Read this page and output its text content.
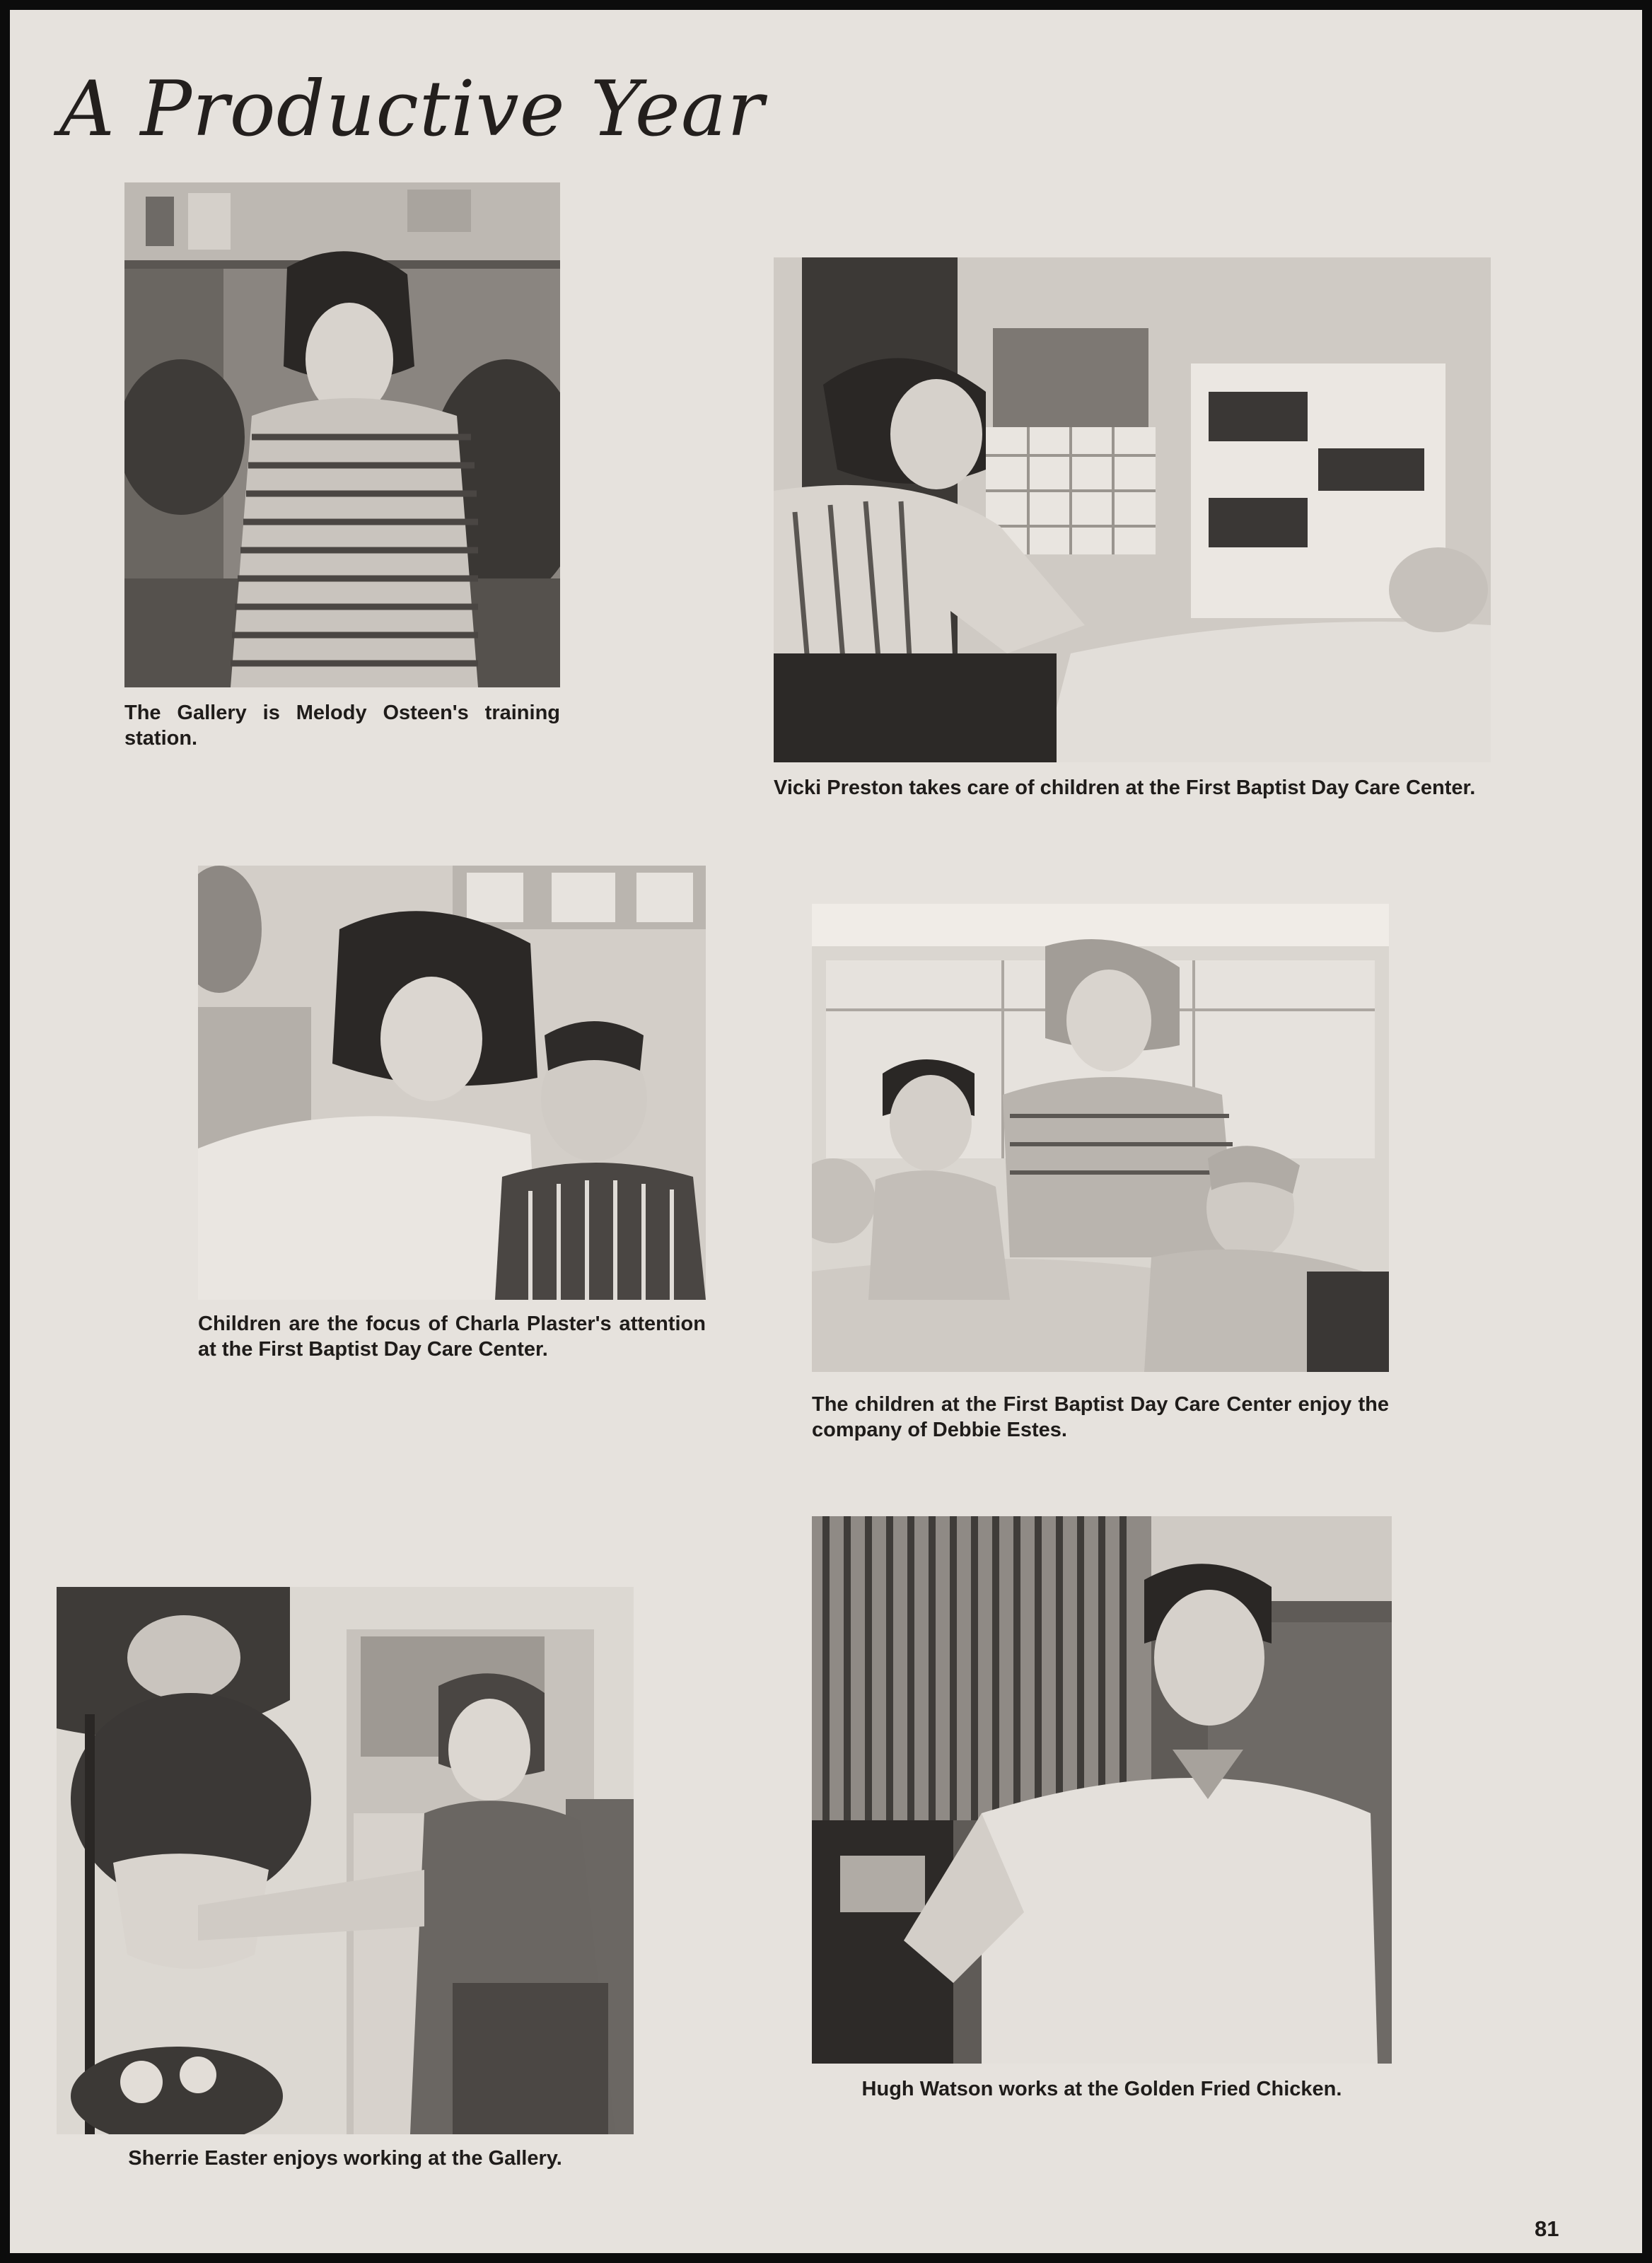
A Productive Year

The Gallery is Melody Osteen's training station.

Vicki Preston takes care of children at the First Baptist Day Care Center.

Children are the focus of Charla Plaster's attention at the First Baptist Day Care Center.

The children at the First Baptist Day Care Center enjoy the company of Debbie Estes.

Sherrie Easter enjoys working at the Gallery.

Hugh Watson works at the Golden Fried Chicken.

81
